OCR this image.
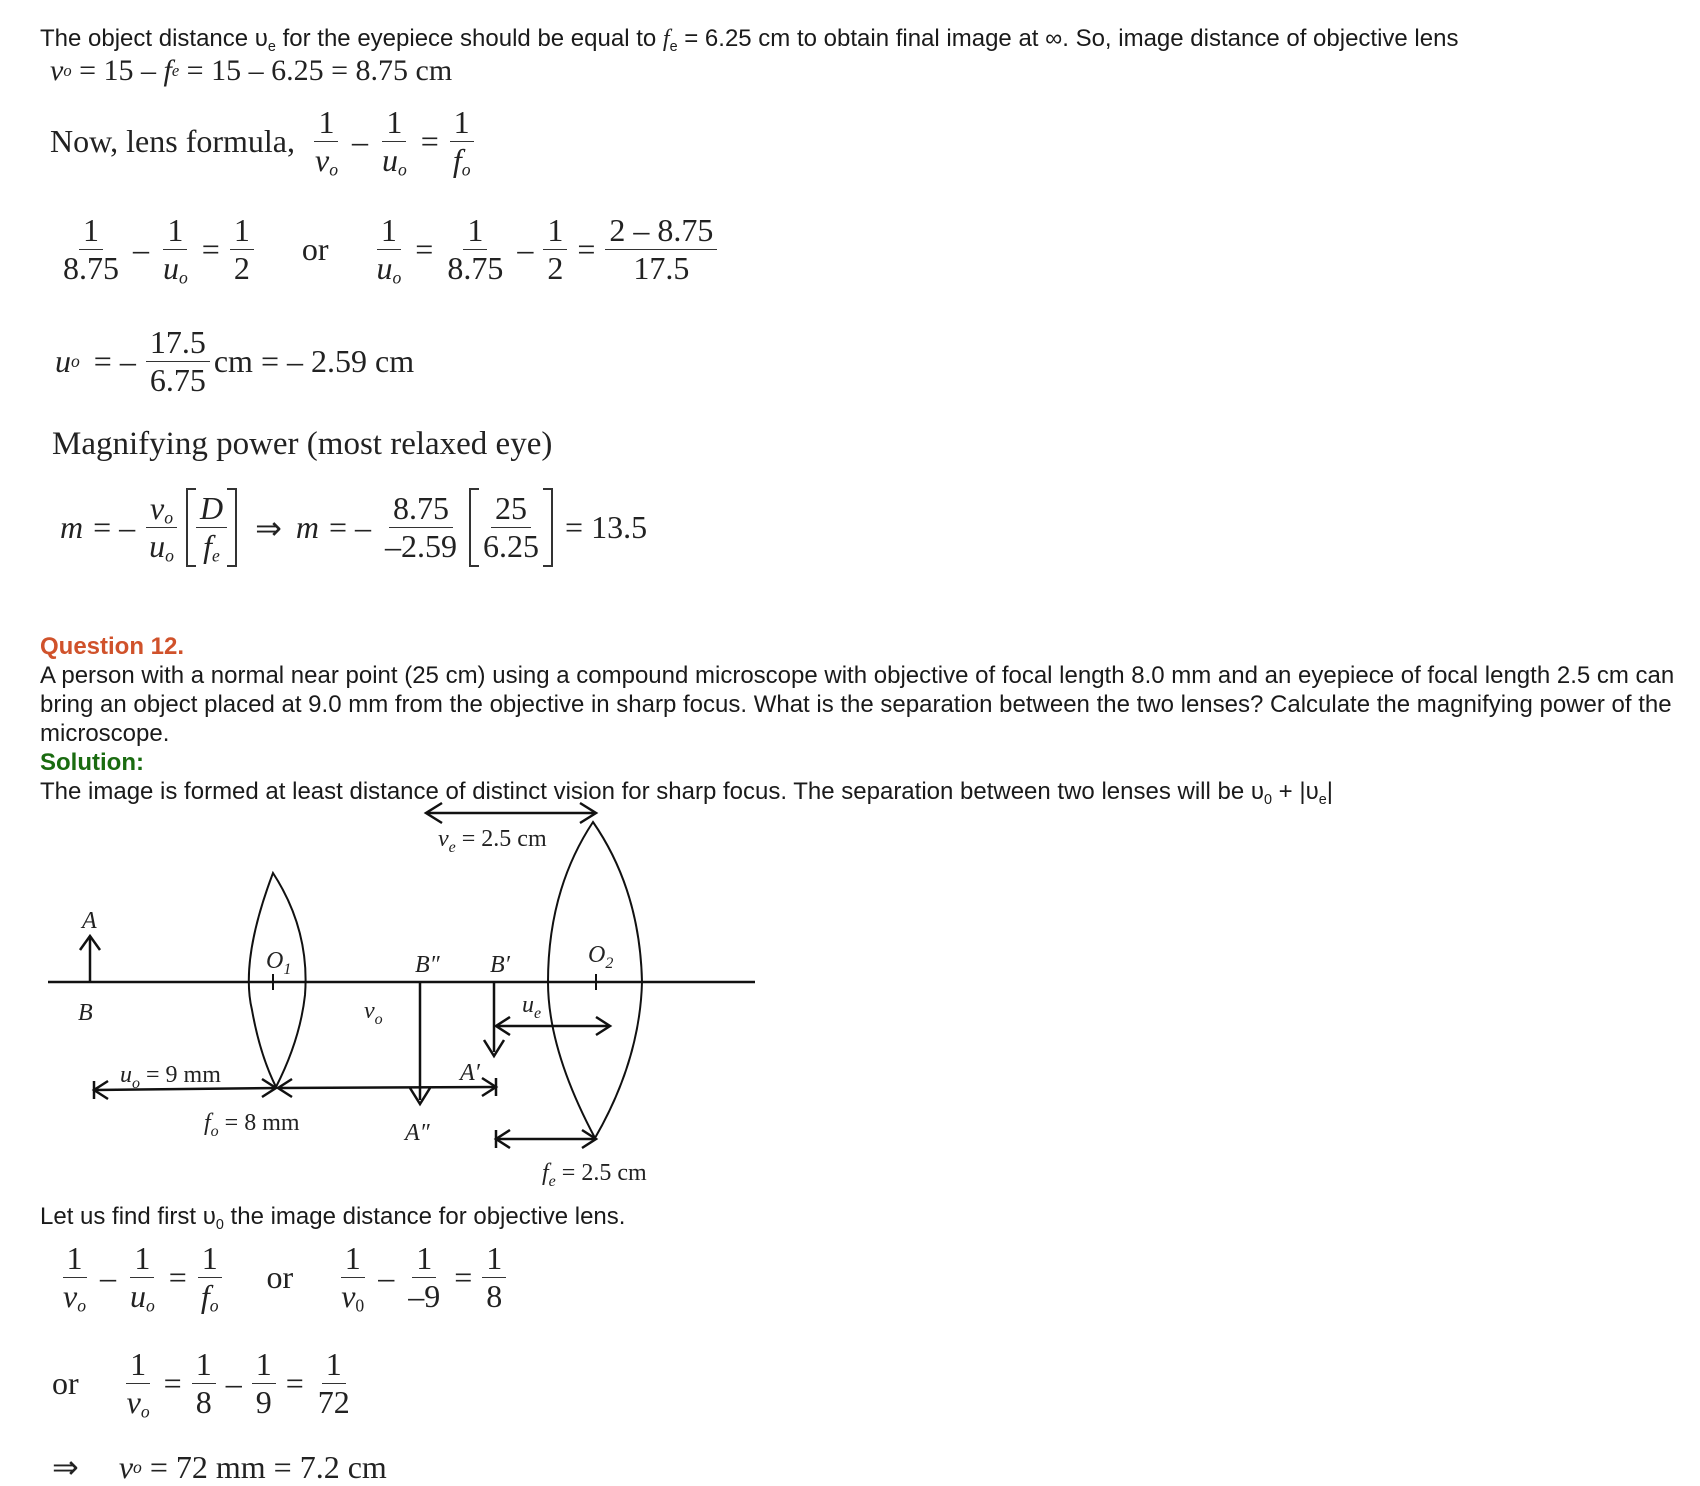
The object distance $\upsilon_e$ for the eyepiece should be equal to $f_e = 6.25$ cm to obtain final image at ∞. So, image distance of objective lens
v o = 15 – f e = 15 – 6.25 = 8.75 cm
Now, lens formula, $\frac{1}{v_o} - \frac{1}{u_o} = \frac{1}{f_o}$
$\frac{1}{8.75} - \frac{1}{u_o} = \frac{1}{2}$ or $\frac{1}{u_o} = \frac{1}{8.75} - \frac{1}{2} = \frac{2 - 8.75}{17.5}$
u o = – $\frac{17.5}{6.75}$ cm = – 2.59 cm
Magnifying power (most relaxed eye)
m = – $\frac{v_o}{u_o} \frac{D}{f_e}$ ⇒ m = – $\frac{8.75}{-2.59} \frac{25}{6.25} = 13.5$
Question 12.
A person with a normal near point (25 cm) using a compound microscope with objective of focal length 8.0 mm and an eyepiece of focal length 2.5 cm can bring an object placed at 9.0 mm from the objective in sharp focus. What is the separation between the two lenses? Calculate the magnifying power of the microscope.
Solution:
The image is formed at least distance of distinct vision for sharp focus. The separation between two lenses will be $\upsilon_0 + |\upsilon_e|$
A
B
$O_1$
$O_2$
B″ B′
A′
A″
$v_o$
$u_e$
$v_e = 2.5$ cm
$u_o = 9$ mm
$f_o = 8$ mm
$f_e = 2.5$ cm
Let us find first $\upsilon_0$ the image distance for objective lens.
$\frac{1}{v_o} - \frac{1}{u_o} = \frac{1}{f_o}$ or $\frac{1}{v_0} - \frac{1}{-9} = \frac{1}{8}$
or $\frac{1}{v_o} = \frac{1}{8} - \frac{1}{9} = \frac{1}{72}$
⇒ v o = 72 mm = 7.2 cm
